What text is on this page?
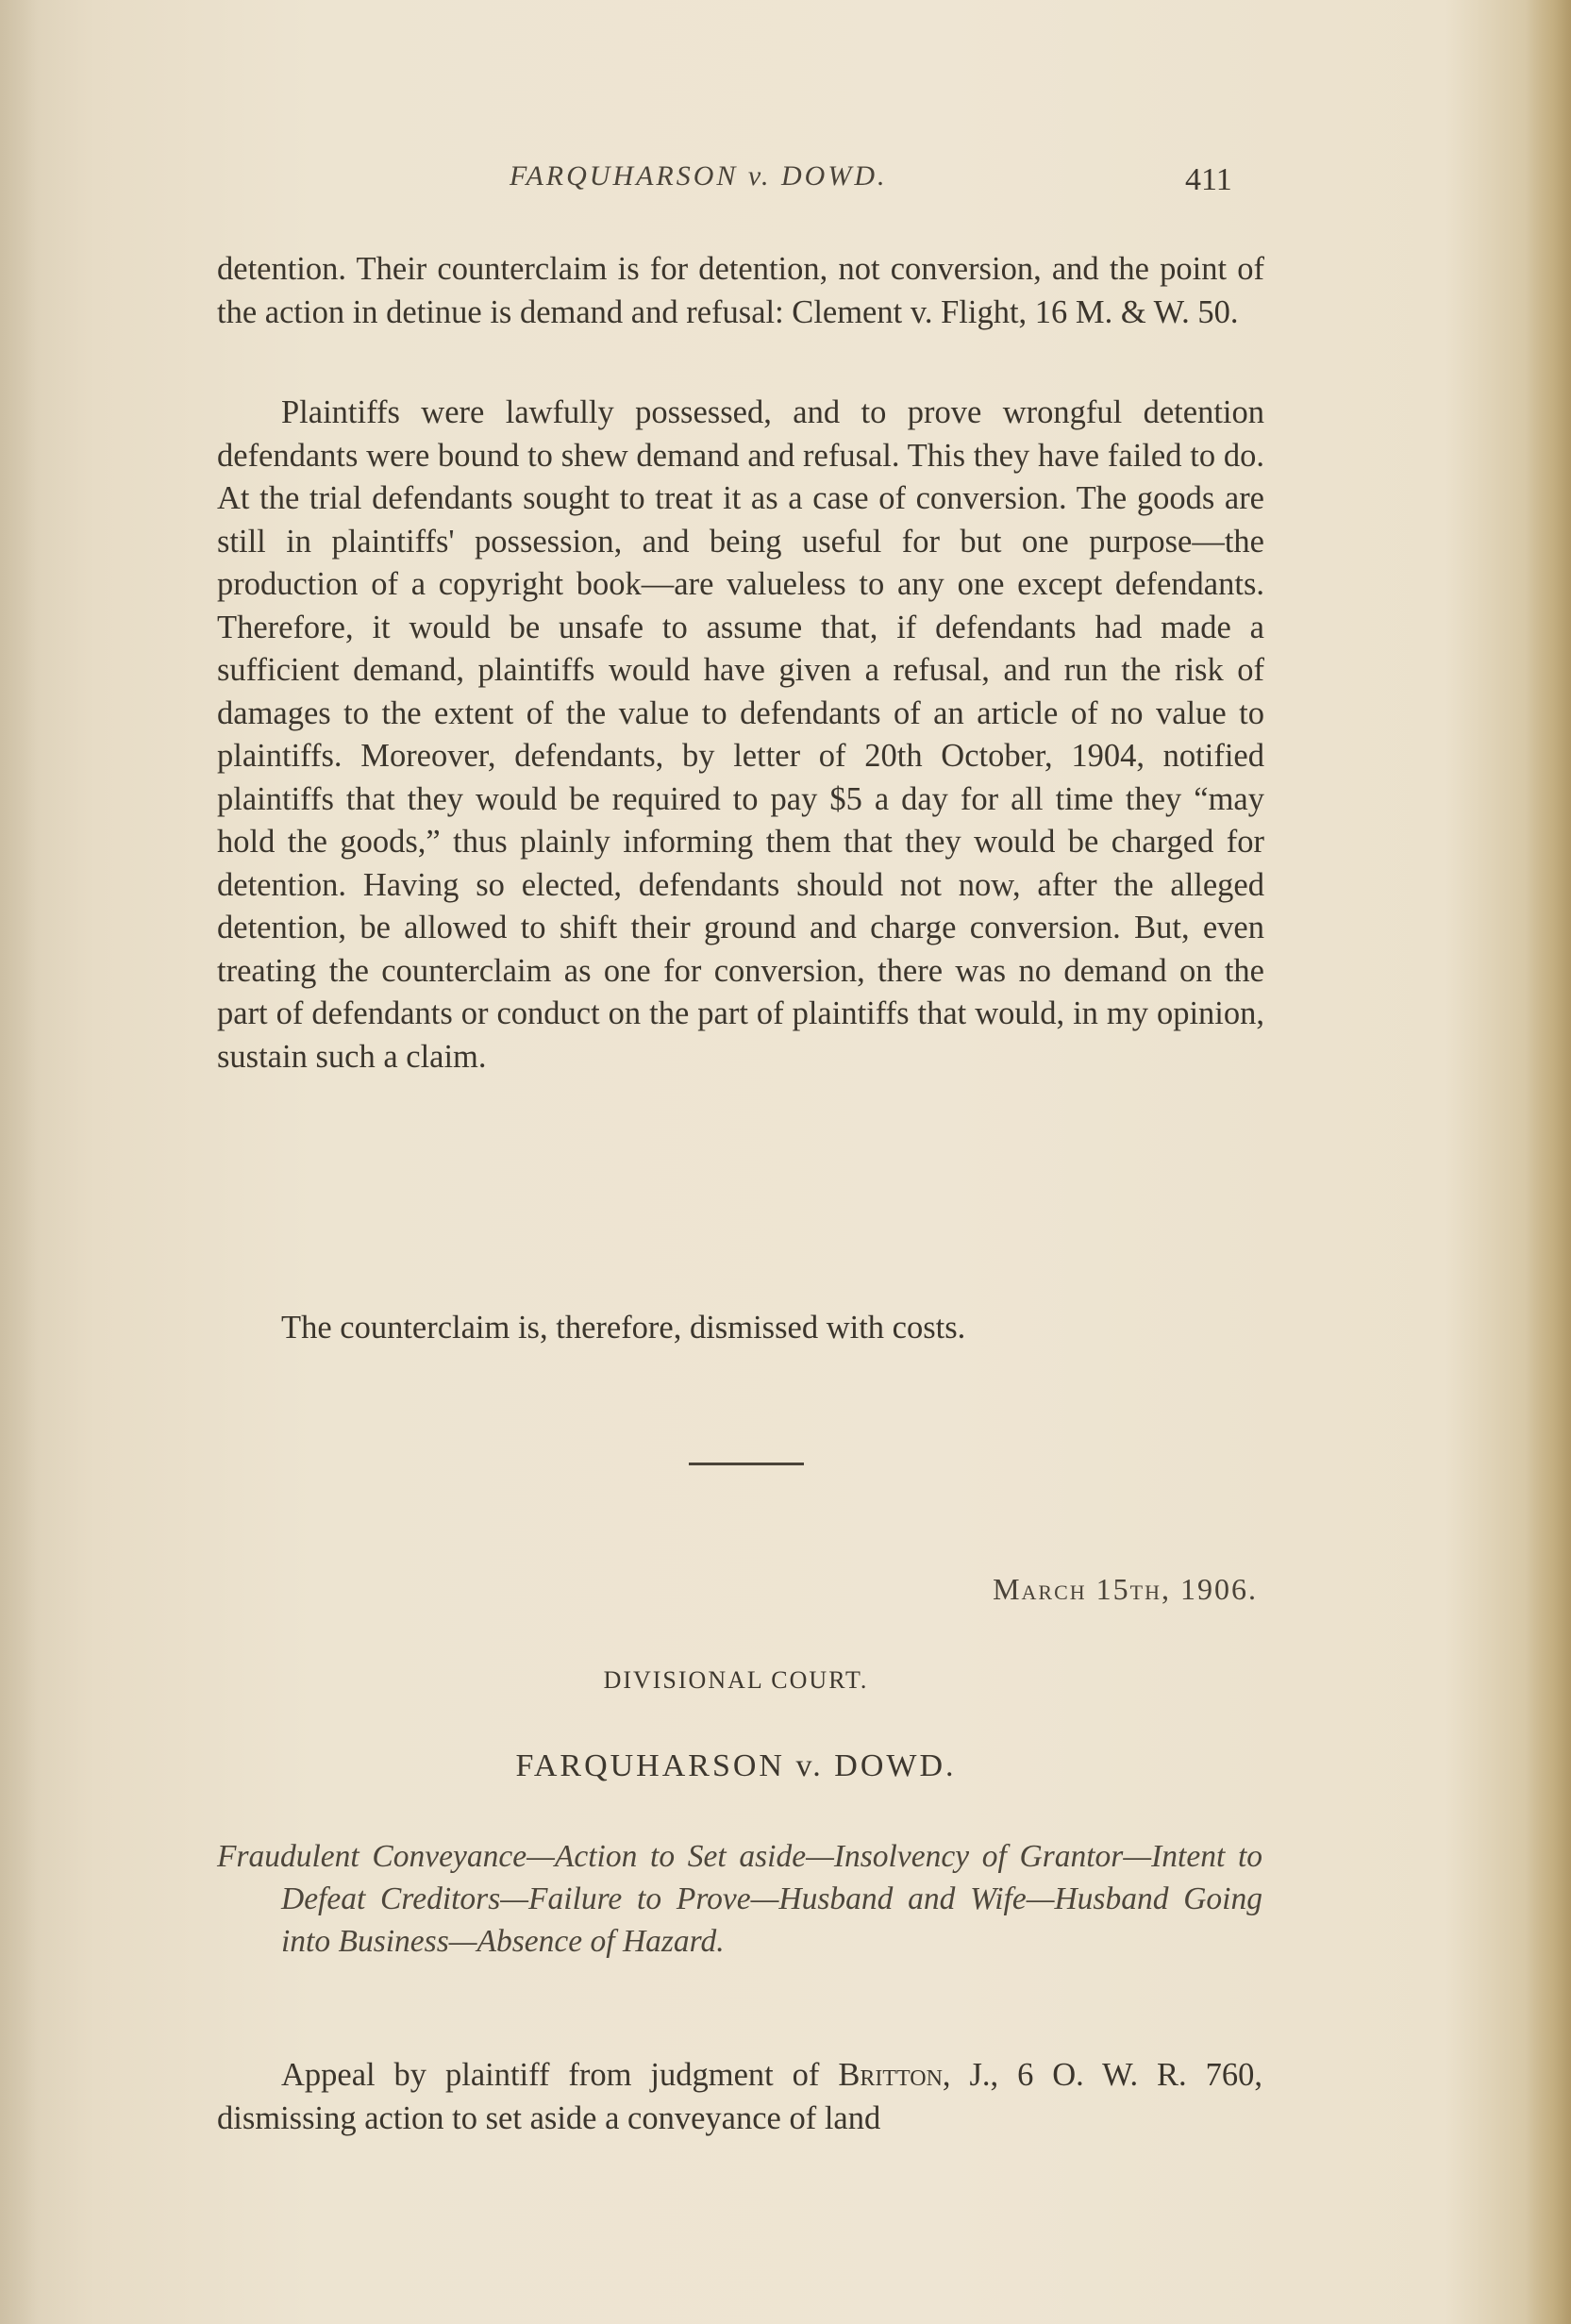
FARQUHARSON v. DOWD.	411
detention. Their counterclaim is for detention, not conversion, and the point of the action in detinue is demand and refusal: Clement v. Flight, 16 M. & W. 50.
Plaintiffs were lawfully possessed, and to prove wrongful detention defendants were bound to shew demand and refusal. This they have failed to do. At the trial defendants sought to treat it as a case of conversion. The goods are still in plaintiffs' possession, and being useful for but one purpose—the production of a copyright book—are valueless to any one except defendants. Therefore, it would be unsafe to assume that, if defendants had made a sufficient demand, plaintiffs would have given a refusal, and run the risk of damages to the extent of the value to defendants of an article of no value to plaintiffs. Moreover, defendants, by letter of 20th October, 1904, notified plaintiffs that they would be required to pay $5 a day for all time they “may hold the goods,” thus plainly informing them that they would be charged for detention. Having so elected, defendants should not now, after the alleged detention, be allowed to shift their ground and charge conversion. But, even treating the counterclaim as one for conversion, there was no demand on the part of defendants or conduct on the part of plaintiffs that would, in my opinion, sustain such a claim.
The counterclaim is, therefore, dismissed with costs.
March 15th, 1906.
DIVISIONAL COURT.
FARQUHARSON v. DOWD.
Fraudulent Conveyance—Action to Set aside—Insolvency of Grantor—Intent to Defeat Creditors—Failure to Prove—Husband and Wife—Husband Going into Business—Absence of Hazard.
Appeal by plaintiff from judgment of Britton, J., 6 O. W. R. 760, dismissing action to set aside a conveyance of land
